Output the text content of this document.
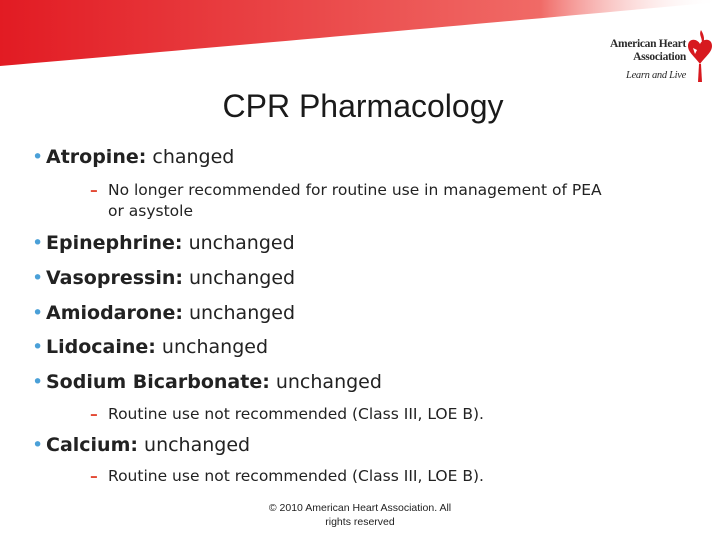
American Heart
Association
Learn and Live
CPR Pharmacology
• Atropine: changed
– No longer recommended for routine use in management of PEA
or asystole
• Epinephrine: unchanged
• Vasopressin: unchanged
• Amiodarone: unchanged
• Lidocaine: unchanged
• Sodium Bicarbonate: unchanged
– Routine use not recommended (Class III, LOE B).
• Calcium: unchanged
– Routine use not recommended (Class III, LOE B).
© 2010 American Heart Association. All
rights reserved
